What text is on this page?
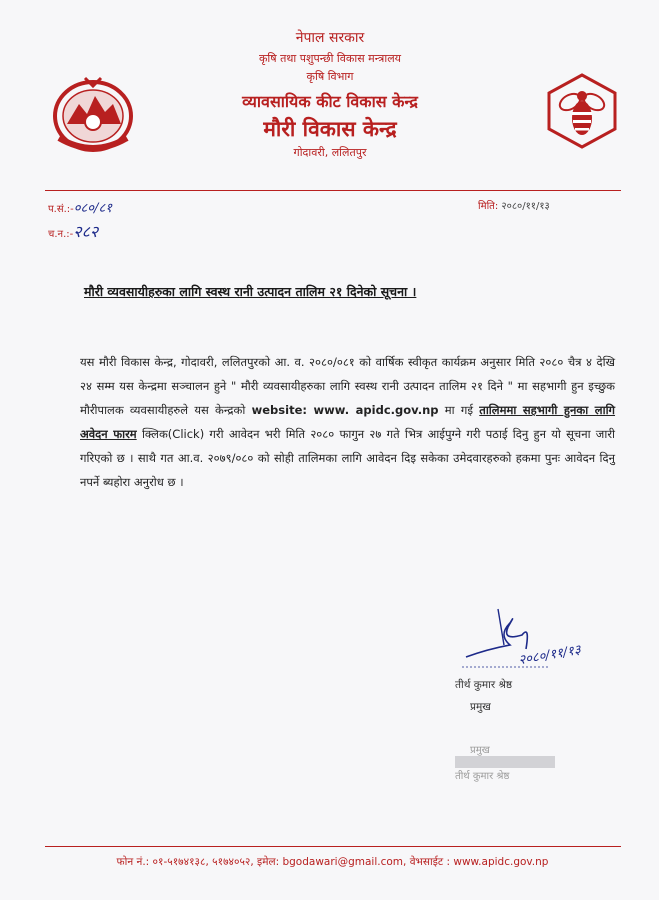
नेपाल सरकार
कृषि तथा पशुपन्छी विकास मन्त्रालय
कृषि विभाग
व्यावसायिक कीट विकास केन्द्र
मौरी विकास केन्द्र
गोदावरी, ललितपुर
प.सं.:-०८०/८१
च.न.:-२८२
मिति: २०८०/११/१३
मौरी व्यवसायीहरुका लागि स्वस्थ रानी उत्पादन तालिम २१ दिनेको सूचना ।
यस मौरी विकास केन्द्र, गोदावरी, ललितपुरको आ. व. २०८०/०८१ को वार्षिक स्वीकृत कार्यक्रम अनुसार मिति २०८० चैत्र ४ देखि २४ सम्म यस केन्द्रमा सञ्चालन हुने " मौरी व्यवसायीहरुका लागि स्वस्थ रानी उत्पादन तालिम २१ दिने " मा सहभागी हुन इच्छुक मौरीपालक व्यवसायीहरुले यस केन्द्रको website: www. apidc.gov.np मा गई तालिममा सहभागी हुनका लागि अवेदन फारम क्लिक(Click) गरी आवेदन भरी मिति २०८० फागुन २७ गते भित्र आईपुग्ने गरी पठाई दिनु हुन यो सूचना जारी गरिएको छ । साथै गत आ.व. २०७९/०८० को सोही तालिमका लागि आवेदन दिइ सकेका उमेदवारहरुको हकमा पुनः आवेदन दिनु नपर्ने ब्यहोरा अनुरोध छ ।
२०८०/११/१३
तीर्थ कुमार श्रेष्ठ
प्रमुख
प्रमुख
तीर्थ कुमार श्रेष्ठ
फोन नं.: ०१-५१७४१३८, ५१७४०५२, इमेल: bgodawari@gmail.com, वेभसाईट : www.apidc.gov.np
